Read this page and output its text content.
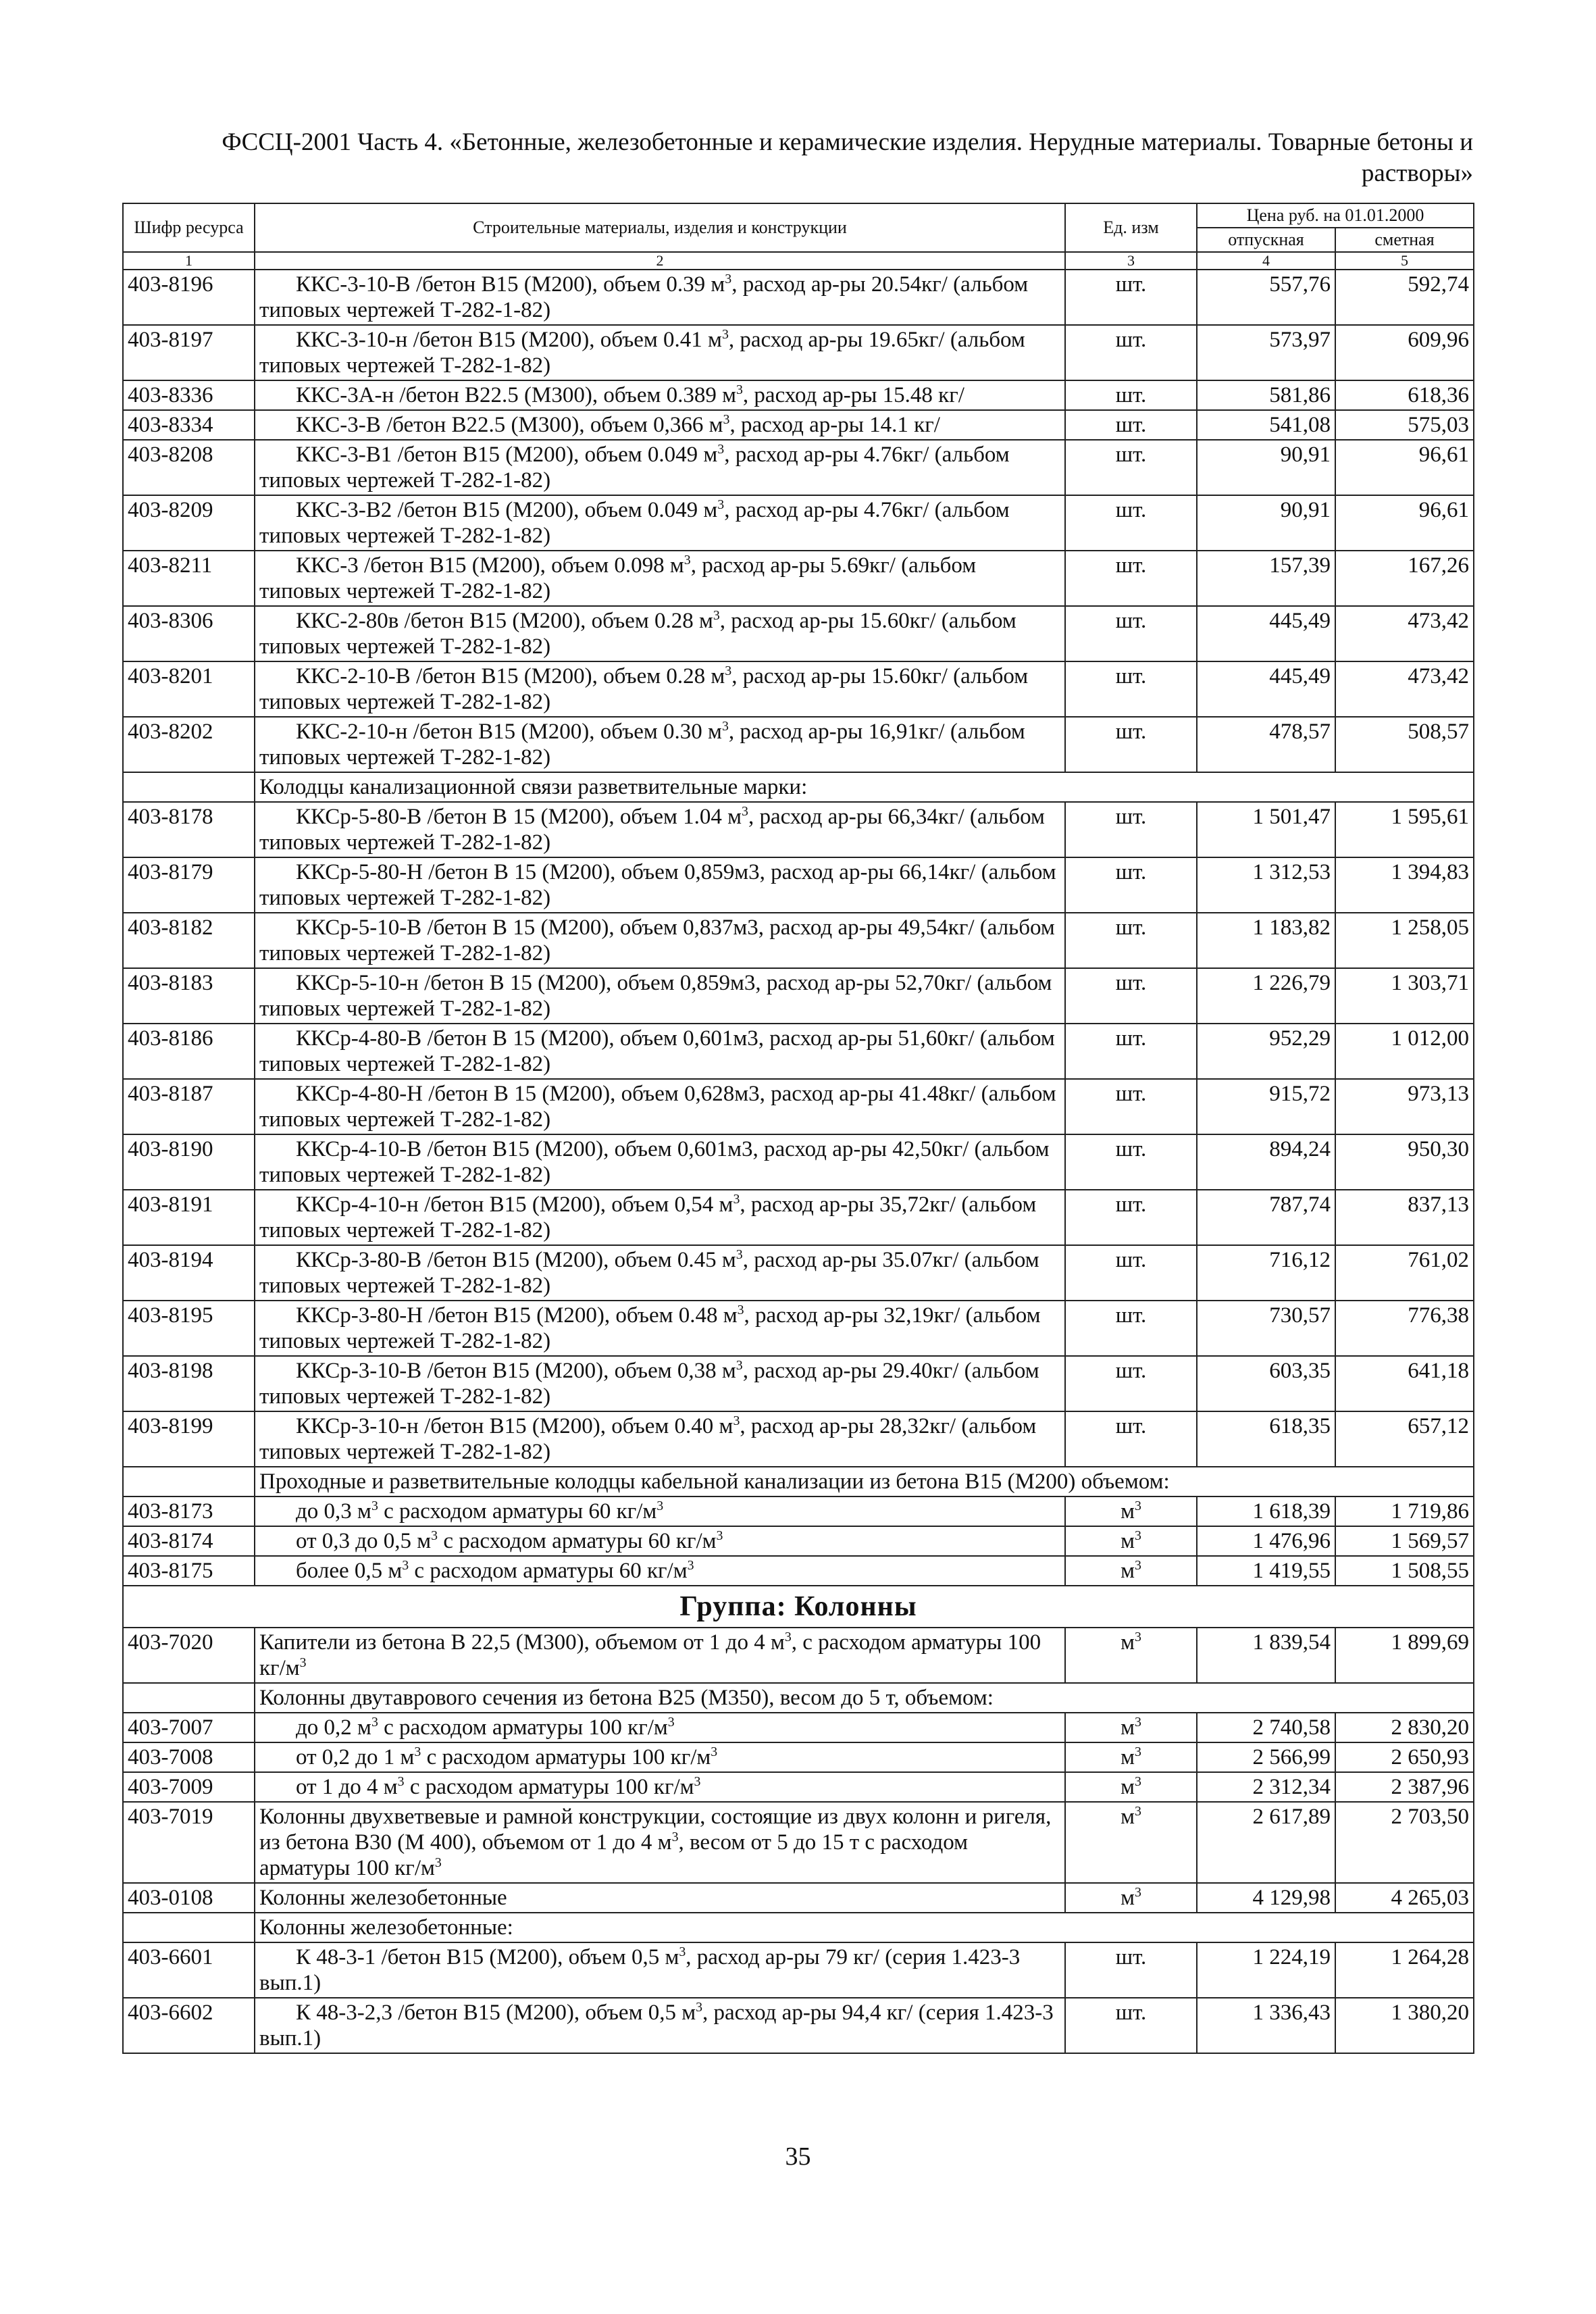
ФССЦ-2001 Часть 4. «Бетонные, железобетонные и керамические изделия. Нерудные материалы. Товарные бетоны и
растворы»
Шифр ресурса	Строительные материалы, изделия и конструкции	Ед. изм	Цена руб. на 01.01.2000	
			отпускная	сметная
1	2	3	4	5
403-8196	ККС-3-10-В /бетон В15 (М200), объем 0.39 $м^3$, расход ар-ры 20.54кг/ (альбом типовых чертежей Т-282-1-82)	шт.	557,76	592,74
403-8197	ККС-3-10-н /бетон В15 (М200), объем 0.41 $м^3$, расход ар-ры 19.65кг/ (альбом типовых чертежей Т-282-1-82)	шт.	573,97	609,96
403-8336	ККС-3А-н /бетон В22.5 (М300), объем 0.389 $м^3$, расход ар-ры 15.48 кг/	шт.	581,86	618,36
403-8334	ККС-3-В /бетон В22.5 (М300), объем 0,366 $м^3$, расход ар-ры 14.1 кг/	шт.	541,08	575,03
403-8208	ККС-3-В1 /бетон В15 (М200), объем 0.049 $м^3$, расход ар-ры 4.76кг/ (альбом типовых чертежей Т-282-1-82)	шт.	90,91	96,61
403-8209	ККС-3-В2 /бетон В15 (М200), объем 0.049 $м^3$, расход ар-ры 4.76кг/ (альбом типовых чертежей Т-282-1-82)	шт.	90,91	96,61
403-8211	ККС-3 /бетон В15 (М200), объем 0.098 $м^3$, расход ар-ры 5.69кг/ (альбом типовых чертежей Т-282-1-82)	шт.	157,39	167,26
403-8306	ККС-2-80в /бетон В15 (М200), объем 0.28 $м^3$, расход ар-ры 15.60кг/ (альбом типовых чертежей Т-282-1-82)	шт.	445,49	473,42
403-8201	ККС-2-10-В /бетон В15 (М200), объем 0.28 $м^3$, расход ар-ры 15.60кг/ (альбом типовых чертежей Т-282-1-82)	шт.	445,49	473,42
403-8202	ККС-2-10-н /бетон В15 (М200), объем 0.30 $м^3$, расход ар-ры 16,91кг/ (альбом типовых чертежей Т-282-1-82)	шт.	478,57	508,57
	Колодцы канализационной связи разветвительные марки:			
403-8178	ККСр-5-80-В /бетон В 15 (М200), объем 1.04 $м^3$, расход ар-ры 66,34кг/ (альбом типовых чертежей Т-282-1-82)	шт.	1 501,47	1 595,61
403-8179	ККСр-5-80-Н /бетон В 15 (М200), объем 0,859м3, расход ар-ры 66,14кг/ (альбом типовых чертежей Т-282-1-82)	шт.	1 312,53	1 394,83
403-8182	ККСр-5-10-В /бетон В 15 (М200), объем 0,837м3, расход ар-ры 49,54кг/ (альбом типовых чертежей Т-282-1-82)	шт.	1 183,82	1 258,05
403-8183	ККСр-5-10-н /бетон В 15 (М200), объем 0,859м3, расход ар-ры 52,70кг/ (альбом типовых чертежей Т-282-1-82)	шт.	1 226,79	1 303,71
403-8186	ККСр-4-80-В /бетон В 15 (М200), объем 0,601м3, расход ар-ры 51,60кг/ (альбом типовых чертежей Т-282-1-82)	шт.	952,29	1 012,00
403-8187	ККСр-4-80-Н /бетон В 15 (М200), объем 0,628м3, расход ар-ры 41.48кг/ (альбом типовых чертежей Т-282-1-82)	шт.	915,72	973,13
403-8190	ККСр-4-10-В /бетон В15 (М200), объем 0,601м3, расход ар-ры 42,50кг/ (альбом типовых чертежей Т-282-1-82)	шт.	894,24	950,30
403-8191	ККСр-4-10-н /бетон В15 (М200), объем 0,54 $м^3$, расход ар-ры 35,72кг/ (альбом типовых чертежей Т-282-1-82)	шт.	787,74	837,13
403-8194	ККСр-3-80-В /бетон В15 (М200), объем 0.45 $м^3$, расход ар-ры 35.07кг/ (альбом типовых чертежей Т-282-1-82)	шт.	716,12	761,02
403-8195	ККСр-3-80-Н /бетон В15 (М200), объем 0.48 $м^3$, расход ар-ры 32,19кг/ (альбом типовых чертежей Т-282-1-82)	шт.	730,57	776,38
403-8198	ККСр-3-10-В /бетон В15 (М200), объем 0,38 $м^3$, расход ар-ры 29.40кг/ (альбом типовых чертежей Т-282-1-82)	шт.	603,35	641,18
403-8199	ККСр-3-10-н /бетон В15 (М200), объем 0.40 $м^3$, расход ар-ры 28,32кг/ (альбом типовых чертежей Т-282-1-82)	шт.	618,35	657,12
	Проходные и разветвительные колодцы кабельной канализации из бетона В15 (М200) объемом:			
403-8173	до 0,3 $м^3$ с расходом арматуры 60 $кг/м^3$	$м^3$	1 618,39	1 719,86
403-8174	от 0,3 до 0,5 $м^3$ с расходом арматуры 60 $кг/м^3$	$м^3$	1 476,96	1 569,57
403-8175	более 0,5 $м^3$ с расходом арматуры 60 $кг/м^3$	$м^3$	1 419,55	1 508,55
Группа: Колонны				
403-7020	Капители из бетона В 22,5 (М300), объемом от 1 до 4 $м^3$, с расходом арматуры 100 $кг/м^3$	$м^3$	1 839,54	1 899,69
	Колонны двутаврового сечения из бетона В25 (М350), весом до 5 т, объемом:			
403-7007	до 0,2 $м^3$ с расходом арматуры 100 $кг/м^3$	$м^3$	2 740,58	2 830,20
403-7008	от 0,2 до 1 $м^3$ с расходом арматуры 100 $кг/м^3$	$м^3$	2 566,99	2 650,93
403-7009	от 1 до 4 $м^3$ с расходом арматуры 100 $кг/м^3$	$м^3$	2 312,34	2 387,96
403-7019	Колонны двухветвевые и рамной конструкции, состоящие из двух колонн и ригеля, из бетона В30 (М 400), объемом от 1 до 4 $м^3$, весом от 5 до 15 т с расходом арматуры 100 $кг/м^3$	$м^3$	2 617,89	2 703,50
403-0108	Колонны железобетонные	$м^3$	4 129,98	4 265,03
	Колонны железобетонные:			
403-6601	К 48-3-1 /бетон В15 (М200), объем 0,5 $м^3$, расход ар-ры 79 кг/ (серия 1.423-3 вып.1)	шт.	1 224,19	1 264,28
403-6602	К 48-3-2,3 /бетон В15 (М200), объем 0,5 $м^3$, расход ар-ры 94,4 кг/ (серия 1.423-3 вып.1)	шт.	1 336,43	1 380,20
35
